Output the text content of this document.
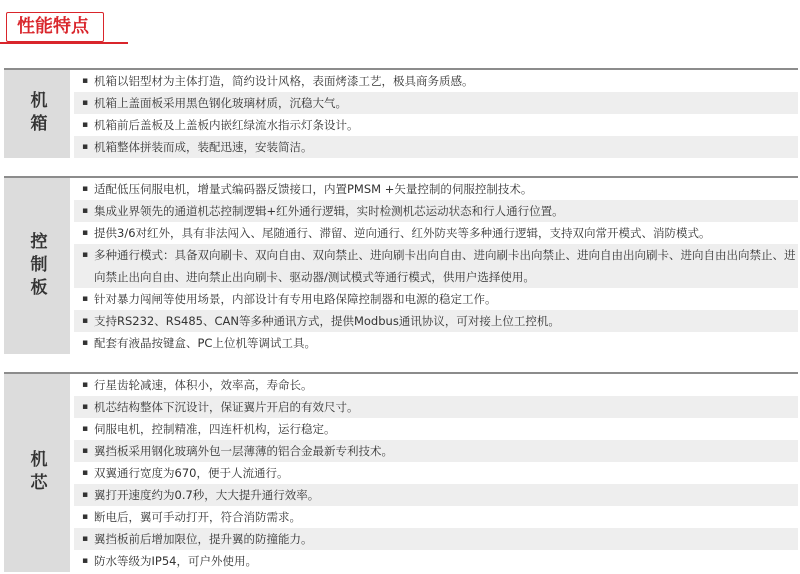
性能特点
机箱
▪ 机箱以铝型材为主体打造，简约设计风格，表面烤漆工艺，极具商务质感。
▪ 机箱上盖面板采用黑色钢化玻璃材质，沉稳大气。
▪ 机箱前后盖板及上盖板内嵌红绿流水指示灯条设计。
▪ 机箱整体拼装而成，装配迅速，安装简洁。
控制板
▪ 适配低压伺服电机，增量式编码器反馈接口，内置PMSM +矢量控制的伺服控制技术。
▪ 集成业界领先的通道机芯控制逻辑+红外通行逻辑，实时检测机芯运动状态和行人通行位置。
▪ 提供3/6对红外，具有非法闯入、尾随通行、滞留、逆向通行、红外防夹等多种通行逻辑，支持双向常开模式、消防模式。
▪ 多种通行模式：具备双向刷卡、双向自由、双向禁止、进向刷卡出向自由、进向刷卡出向禁止、进向自由出向刷卡、进向自由出向禁止、进向禁止出向自由、进向禁止出向刷卡、驱动器/测试模式等通行模式，供用户选择使用。
▪ 针对暴力闯闸等使用场景，内部设计有专用电路保障控制器和电源的稳定工作。
▪ 支持RS232、RS485、CAN等多种通讯方式，提供Modbus通讯协议，可对接上位工控机。
▪ 配套有液晶按键盒、PC上位机等调试工具。
机芯
▪ 行星齿轮减速，体积小，效率高，寿命长。
▪ 机芯结构整体下沉设计，保证翼片开启的有效尺寸。
▪ 伺服电机，控制精准，四连杆机构，运行稳定。
▪ 翼挡板采用钢化玻璃外包一层薄薄的铝合金最新专利技术。
▪ 双翼通行宽度为670，便于人流通行。
▪ 翼打开速度约为0.7秒，大大提升通行效率。
▪ 断电后，翼可手动打开，符合消防需求。
▪ 翼挡板前后增加限位，提升翼的防撞能力。
▪ 防水等级为IP54，可户外使用。
